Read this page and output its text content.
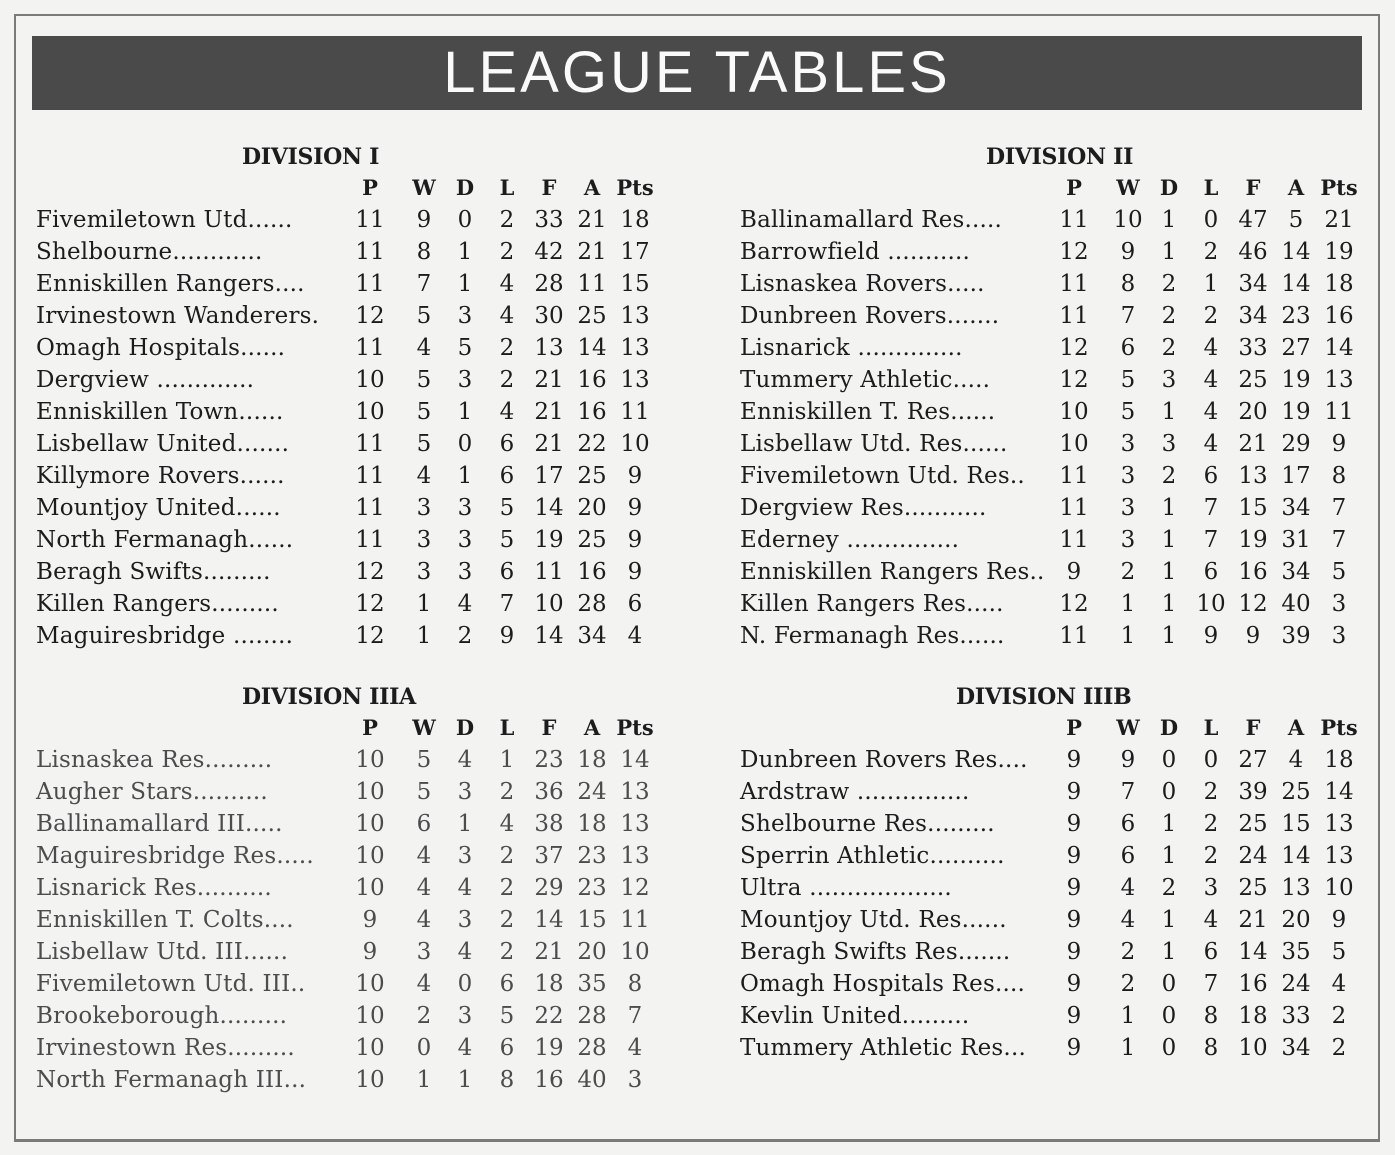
LEAGUE TABLES
DIVISION I
P	W D	L	F	A Pts
Fivemiletown Utd......	11	9	0	2 33 21 18
Shelbourne............	11	8	1	2 42 21 17
Enniskillen Rangers....	11	7	1	4 28 11 15
Irvinestown Wanderers.	12	5	3	4 30 25 13
Omagh Hospitals......	11	4	5	2 13 14 13
Dergview .............	10	5	3	2 21 16 13
Enniskillen Town......	10	5	1	4 21 16 11
Lisbellaw United.......	11	5	0	6 21 22 10
Killymore Rovers......	11	4	1	6 17 25 9
Mountjoy United......	11	3	3	5 14 20 9
North Fermanagh......	11	3	3	5 19 25 9
Beragh Swifts.........	12	3	3	6 11 16 9
Killen Rangers.........	12	1	4	7 10 28 6
Maguiresbridge ........	12	1	2	9 14 34 4
DIVISION II
P	W D	L	F	A Pts
Ballinamallard Res.....	11	10 1	0 47 5 21
Barrowfield ...........	12	9	1	2 46 14 19
Lisnaskea Rovers.....	11	8	2	1 34 14 18
Dunbreen Rovers.......	11	7	2	2 34 23 16
Lisnarick ..............	12	6	2	4 33 27 14
Tummery Athletic.....	12	5	3	4 25 19 13
Enniskillen T. Res......	10	5	1	4 20 19 11
Lisbellaw Utd. Res......	10	3	3	4 21 29 9
Fivemiletown Utd. Res..	11	3	2	6 13 17 8
Dergview Res...........	11	3	1	7 15 34 7
Ederney ...............	11	3	1	7 19 31 7
Enniskillen Rangers Res.. 9	2	1	6 16 34 5
Killen Rangers Res.....	12	1	1 10 12 40 3
N. Fermanagh Res......	11	1	1	9	9 39 3
DIVISION IIIA
P	W D	L	F	A Pts
Lisnaskea Res.........	10	5	4	1 23 18 14
Augher Stars..........	10	5	3	2 36 24 13
Ballinamallard III.....	10	6	1	4 38 18 13
Maguiresbridge Res.....	10	4	3	2 37 23 13
Lisnarick Res..........	10	4	4	2 29 23 12
Enniskillen T. Colts....	9	4	3	2 14 15 11
Lisbellaw Utd. III......	9	3	4	2 21 20 10
Fivemiletown Utd. III..	10	4	0	6 18 35 8
Brookeborough.........	10	2	3	5 22 28 7
Irvinestown Res.........	10	0	4	6 19 28 4
North Fermanagh III...	10	1	1	8 16 40 3
DIVISION IIIB
P	W D	L	F	A Pts
Dunbreen Rovers Res....	9	9	0	0 27 4 18
Ardstraw ...............	9	7	0	2 39 25 14
Shelbourne Res.........	9	6	1	2 25 15 13
Sperrin Athletic..........	9	6	1	2 24 14 13
Ultra ...................	9	4	2	3 25 13 10
Mountjoy Utd. Res......	9	4	1	4 21 20 9
Beragh Swifts Res.......	9	2	1	6 14 35 5
Omagh Hospitals Res....	9	2	0	7 16 24 4
Kevlin United.........	9	1	0	8 18 33 2
Tummery Athletic Res...	9	1	0	8 10 34 2
